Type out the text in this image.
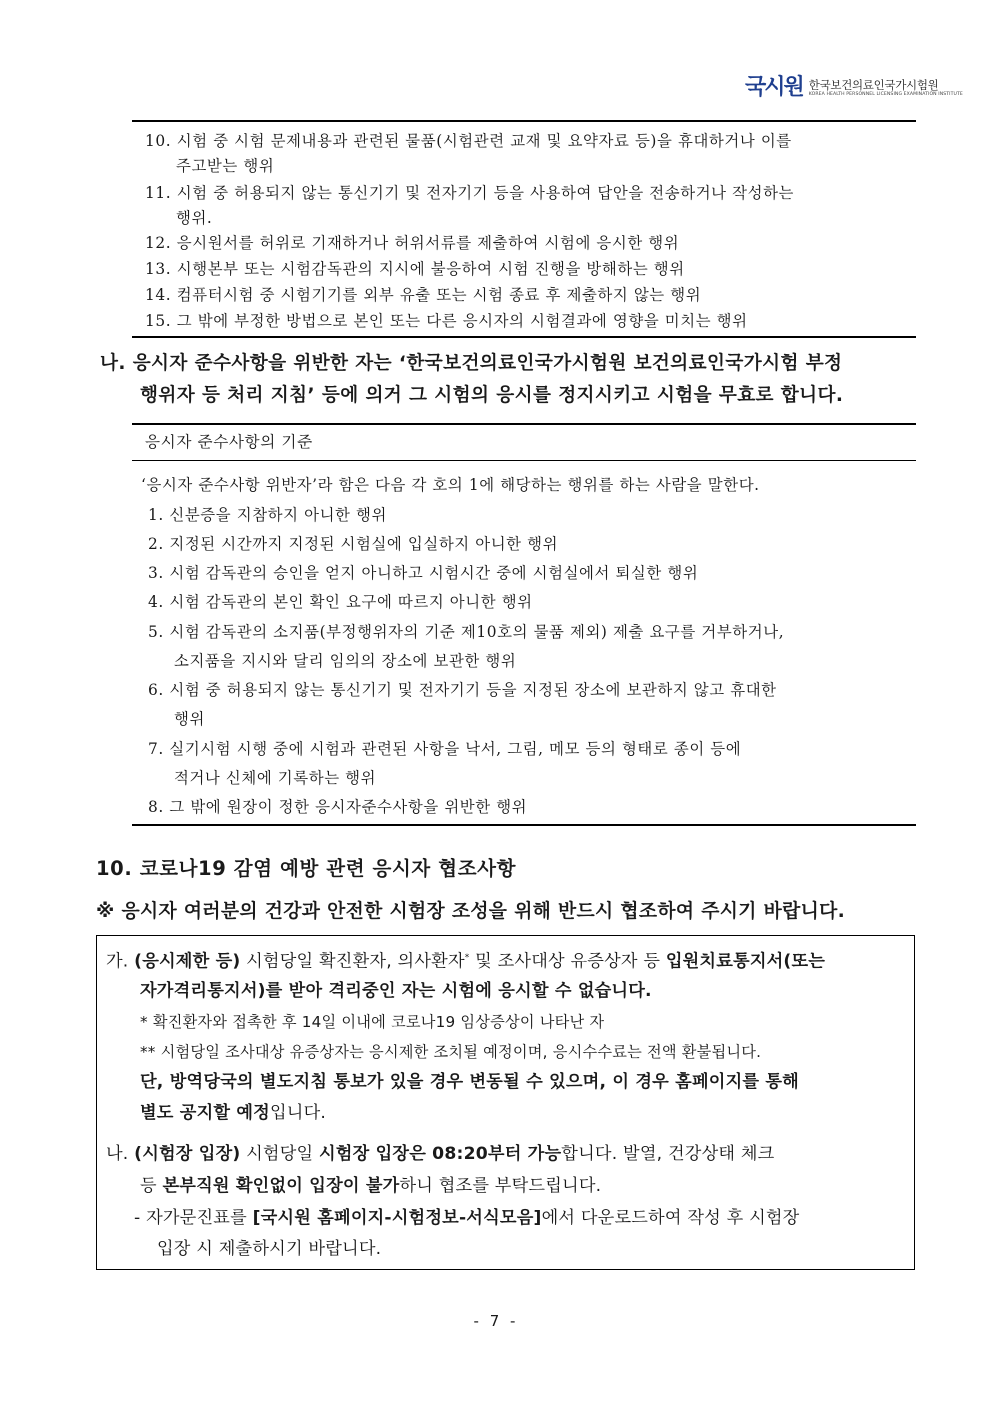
국시원 한국보건의료인국가시험원
KOREA HEALTH PERSONNEL LICENSING EXAMINATION INSTITUTE
10. 시험 중 시험 문제내용과 관련된 물품(시험관련 교재 및 요약자료 등)을 휴대하거나 이를
주고받는 행위
11. 시험 중 허용되지 않는 통신기기 및 전자기기 등을 사용하여 답안을 전송하거나 작성하는
행위.
12. 응시원서를 허위로 기재하거나 허위서류를 제출하여 시험에 응시한 행위
13. 시행본부 또는 시험감독관의 지시에 불응하여 시험 진행을 방해하는 행위
14. 컴퓨터시험 중 시험기기를 외부 유출 또는 시험 종료 후 제출하지 않는 행위
15. 그 밖에 부정한 방법으로 본인 또는 다른 응시자의 시험결과에 영향을 미치는 행위
나. 응시자 준수사항을 위반한 자는 ‘한국보건의료인국가시험원 보건의료인국가시험 부정
행위자 등 처리 지침’ 등에 의거 그 시험의 응시를 정지시키고 시험을 무효로 합니다.
응시자 준수사항의 기준
‘응시자 준수사항 위반자’라 함은 다음 각 호의 1에 해당하는 행위를 하는 사람을 말한다.
1. 신분증을 지참하지 아니한 행위
2. 지정된 시간까지 지정된 시험실에 입실하지 아니한 행위
3. 시험 감독관의 승인을 얻지 아니하고 시험시간 중에 시험실에서 퇴실한 행위
4. 시험 감독관의 본인 확인 요구에 따르지 아니한 행위
5. 시험 감독관의 소지품(부정행위자의 기준 제10호의 물품 제외) 제출 요구를 거부하거나,
소지품을 지시와 달리 임의의 장소에 보관한 행위
6. 시험 중 허용되지 않는 통신기기 및 전자기기 등을 지정된 장소에 보관하지 않고 휴대한
행위
7. 실기시험 시행 중에 시험과 관련된 사항을 낙서, 그림, 메모 등의 형태로 종이 등에
적거나 신체에 기록하는 행위
8. 그 밖에 원장이 정한 응시자준수사항을 위반한 행위
10. 코로나19 감염 예방 관련 응시자 협조사항
※ 응시자 여러분의 건강과 안전한 시험장 조성을 위해 반드시 협조하여 주시기 바랍니다.
가. (응시제한 등) 시험당일 확진환자, 의사환자* 및 조사대상 유증상자 등 입원치료통지서(또는
자가격리통지서)를 받아 격리중인 자는 시험에 응시할 수 없습니다.
* 확진환자와 접촉한 후 14일 이내에 코로나19 임상증상이 나타난 자
** 시험당일 조사대상 유증상자는 응시제한 조치될 예정이며, 응시수수료는 전액 환불됩니다.
단, 방역당국의 별도지침 통보가 있을 경우 변동될 수 있으며, 이 경우 홈페이지를 통해
별도 공지할 예정입니다.
나. (시험장 입장) 시험당일 시험장 입장은 08:20부터 가능합니다. 발열, 건강상태 체크
등 본부직원 확인없이 입장이 불가하니 협조를 부탁드립니다.
- 자가문진표를 [국시원 홈페이지-시험정보-서식모음]에서 다운로드하여 작성 후 시험장
입장 시 제출하시기 바랍니다.
- 7 -
